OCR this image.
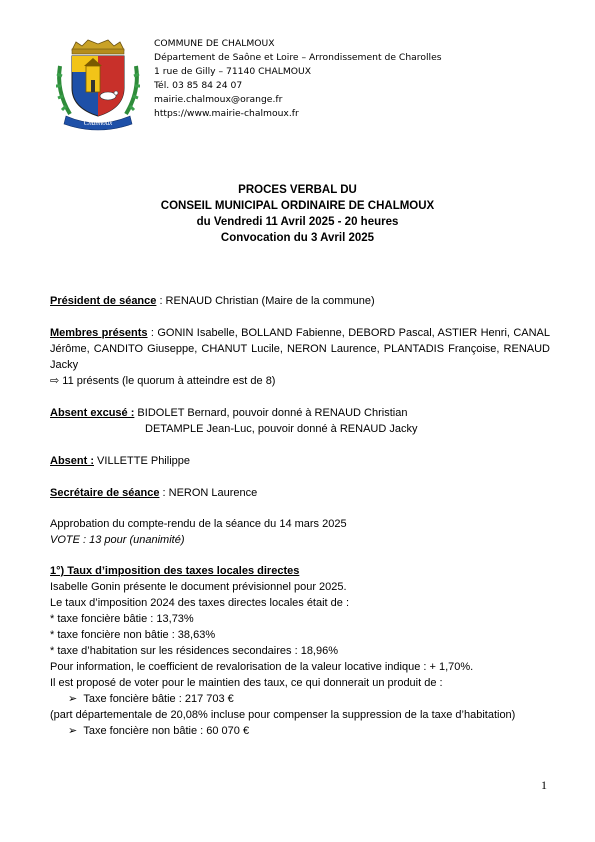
Chalmoux
COMMUNE DE CHALMOUX
Département de Saône et Loire – Arrondissement de Charolles
1 rue de Gilly – 71140 CHALMOUX
Tél. 03 85 84 24 07
mairie.chalmoux@orange.fr
https://www.mairie-chalmoux.fr
PROCES VERBAL DU
CONSEIL MUNICIPAL ORDINAIRE DE CHALMOUX
du Vendredi 11 Avril 2025 - 20 heures
Convocation du 3 Avril 2025
Président de séance : RENAUD Christian (Maire de la commune)
Membres présents : GONIN Isabelle, BOLLAND Fabienne, DEBORD Pascal, ASTIER Henri, CANAL Jérôme, CANDITO Giuseppe, CHANUT Lucile, NERON Laurence, PLANTADIS Françoise, RENAUD Jacky
⇨ 11 présents (le quorum à atteindre est de 8)
Absent excusé : BIDOLET Bernard, pouvoir donné à RENAUD Christian
DETAMPLE Jean-Luc, pouvoir donné à RENAUD Jacky
Absent : VILLETTE Philippe
Secrétaire de séance : NERON Laurence
Approbation du compte-rendu de la séance du 14 mars 2025
VOTE : 13 pour (unanimité)
1°) Taux d’imposition des taxes locales directes
Isabelle Gonin présente le document prévisionnel pour 2025.
Le taux d’imposition 2024 des taxes directes locales était de :
* taxe foncière bâtie : 13,73%
* taxe foncière non bâtie : 38,63%
* taxe d’habitation sur les résidences secondaires : 18,96%
Pour information, le coefficient de revalorisation de la valeur locative indique : + 1,70%.
Il est proposé de voter pour le maintien des taux, ce qui donnerait un produit de :
➢ Taxe foncière bâtie : 217 703 €
(part départementale de 20,08% incluse pour compenser la suppression de la taxe d’habitation)
➢ Taxe foncière non bâtie : 60 070 €
1
